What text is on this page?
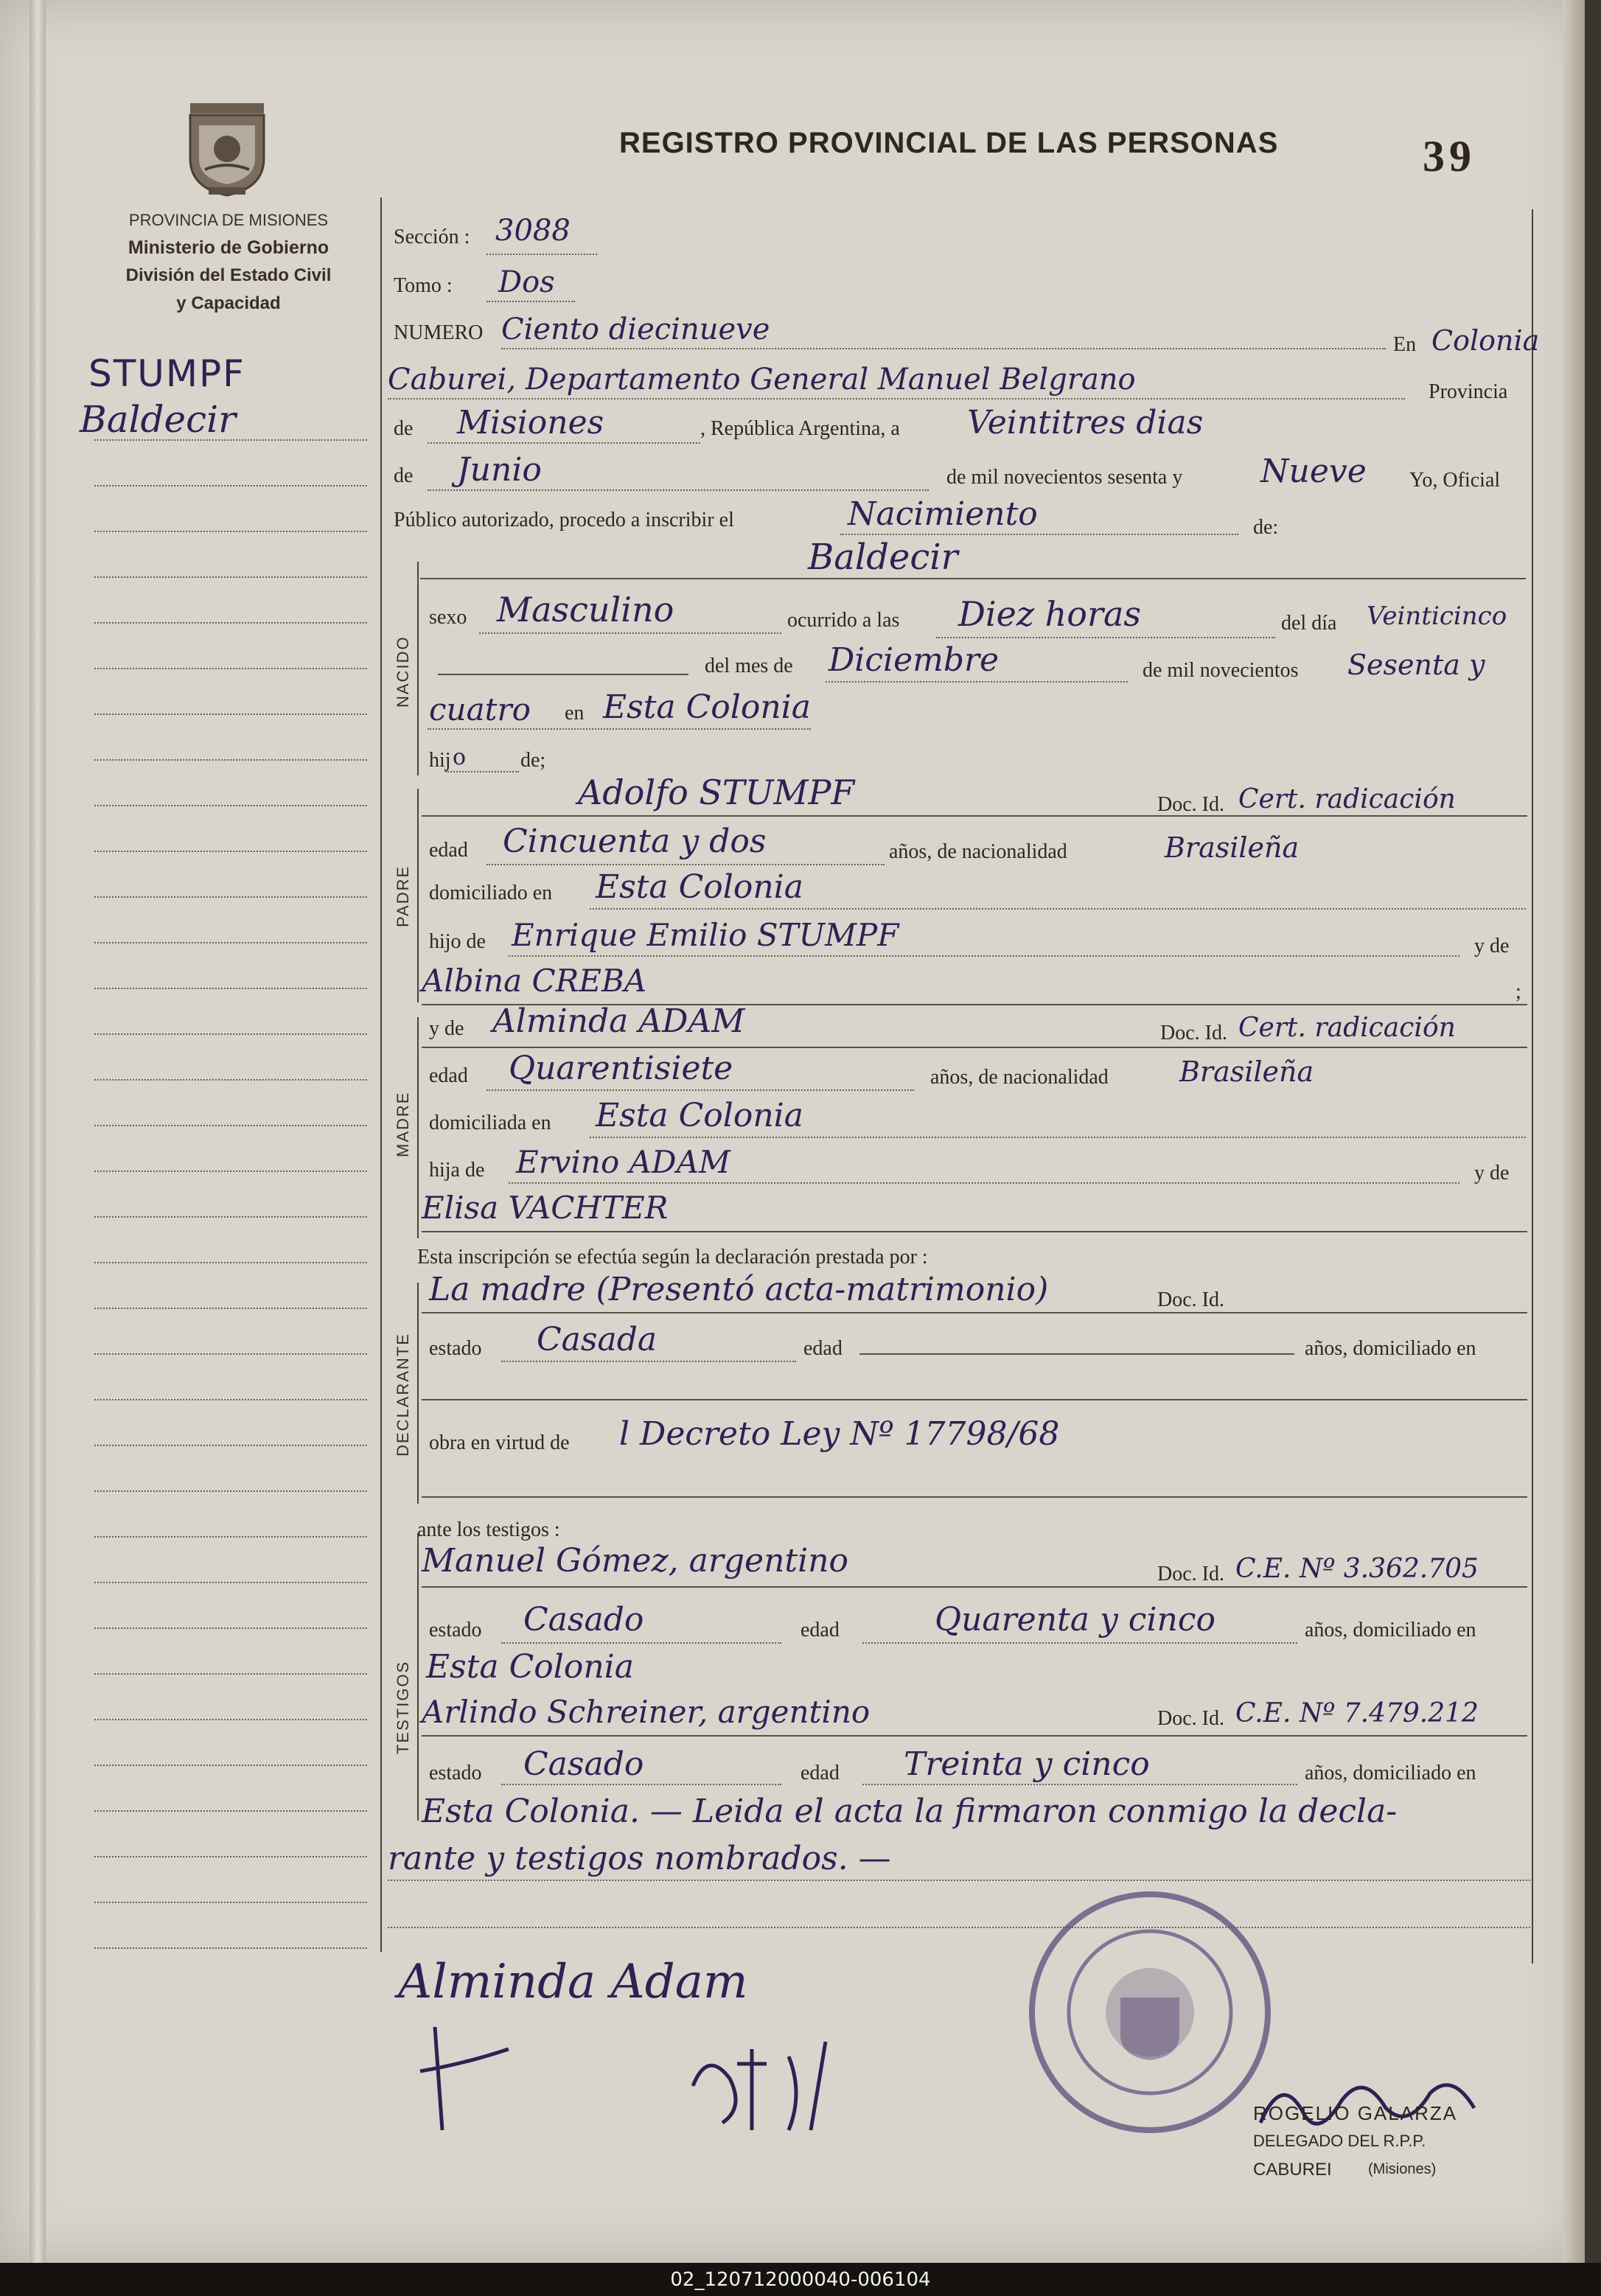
PROVINCIA DE MISIONES
Ministerio de Gobierno
División del Estado Civil
y Capacidad
REGISTRO PROVINCIAL DE LAS PERSONAS	39
STUMPF
Baldecir
NACIDO
PADRE
MADRE
DECLARANTE
TESTIGOS
Sección : 3088
Tomo : Dos
NUMERO Ciento diecinueve	En Colonia
Caburei, Departamento General Manuel Belgrano	Provincia
de Misiones	, República Argentina, a Veintitres dias
de Junio	de mil novecientos sesenta y Nueve Yo, Oficial
Público autorizado, procedo a inscribir el	Nacimiento	de:
Baldecir
sexo Masculino	ocurrido a las Diez horas	del día Veinticinco
del mes de Diciembre	de mil novecientos Sesenta y
cuatro en Esta Colonia
hij o	de;
Adolfo STUMPF	Doc. Id. Cert. radicación
edad Cincuenta y dos	años, de nacionalidad	Brasileña
domiciliado en Esta Colonia
hijo de Enrique Emilio STUMPF	y de
Albina CREBA	;
y de Alminda ADAM	Doc. Id. Cert. radicación
edad Quarentisiete	años, de nacionalidad	Brasileña
domiciliada en Esta Colonia
hija de Ervino ADAM	y de
Elisa VACHTER
Esta inscripción se efectúa según la declaración prestada por :
La madre (Presentó acta-matrimonio)	Doc. Id.
estado Casada	edad	años, domiciliado en
obra en virtud de l Decreto Ley Nº 17798/68
ante los testigos :
Manuel Gómez, argentino	Doc. Id. C.E. Nº 3.362.705
estado Casado	edad	Quarenta y cinco	años, domiciliado en
Esta Colonia
Arlindo Schreiner, argentino	Doc. Id. C.E. Nº 7.479.212
estado Casado	edad Treinta y cinco	años, domiciliado en
Esta Colonia. — Leida el acta la firmaron conmigo la decla-
rante y testigos nombrados. —
Alminda Adam
ROGELIO GALARZA
DELEGADO DEL R.P.P.
CABUREI (Misiones)
02_120712000040-006104
